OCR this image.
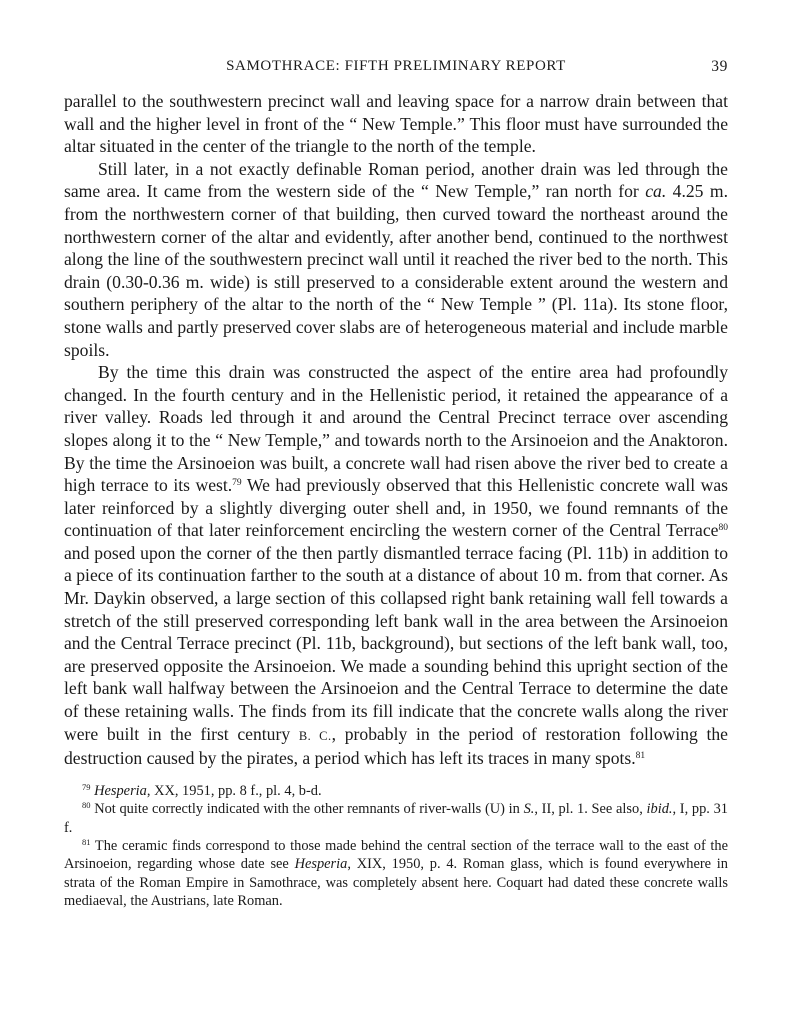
SAMOTHRACE: FIFTH PRELIMINARY REPORT	39

parallel to the southwestern precinct wall and leaving space for a narrow drain between that wall and the higher level in front of the “ New Temple.” This floor must have surrounded the altar situated in the center of the triangle to the north of the temple.

Still later, in a not exactly definable Roman period, another drain was led through the same area. It came from the western side of the “ New Temple,” ran north for ca. 4.25 m. from the northwestern corner of that building, then curved toward the northeast around the northwestern corner of the altar and evidently, after another bend, continued to the northwest along the line of the southwestern precinct wall until it reached the river bed to the north. This drain (0.30-0.36 m. wide) is still preserved to a considerable extent around the western and southern periphery of the altar to the north of the “ New Temple ” (Pl. 11a). Its stone floor, stone walls and partly preserved cover slabs are of heterogeneous material and include marble spoils.

By the time this drain was constructed the aspect of the entire area had profoundly changed. In the fourth century and in the Hellenistic period, it retained the appearance of a river valley. Roads led through it and around the Central Precinct terrace over ascending slopes along it to the “ New Temple,” and towards north to the Arsinoeion and the Anaktoron. By the time the Arsinoeion was built, a concrete wall had risen above the river bed to create a high terrace to its west.$^{79}$ We had previously observed that this Hellenistic concrete wall was later reinforced by a slightly diverging outer shell and, in 1950, we found remnants of the continuation of that later reinforcement encircling the western corner of the Central Terrace$^{80}$ and posed upon the corner of the then partly dismantled terrace facing (Pl. 11b) in addition to a piece of its continuation farther to the south at a distance of about 10 m. from that corner. As Mr. Daykin observed, a large section of this collapsed right bank retaining wall fell towards a stretch of the still preserved corresponding left bank wall in the area between the Arsinoeion and the Central Terrace precinct (Pl. 11b, background), but sections of the left bank wall, too, are preserved opposite the Arsinoeion. We made a sounding behind this upright section of the left bank wall halfway between the Arsinoeion and the Central Terrace to determine the date of these retaining walls. The finds from its fill indicate that the concrete walls along the river were built in the first century B. C., probably in the period of restoration following the destruction caused by the pirates, a period which has left its traces in many spots.$^{81}$

$^{79}$ Hesperia, XX, 1951, pp. 8 f., pl. 4, b-d.

$^{80}$ Not quite correctly indicated with the other remnants of river-walls (U) in S., II, pl. 1. See also, ibid., I, pp. 31 f.

$^{81}$ The ceramic finds correspond to those made behind the central section of the terrace wall to the east of the Arsinoeion, regarding whose date see Hesperia, XIX, 1950, p. 4. Roman glass, which is found everywhere in strata of the Roman Empire in Samothrace, was completely absent here. Coquart had dated these concrete walls mediaeval, the Austrians, late Roman.
